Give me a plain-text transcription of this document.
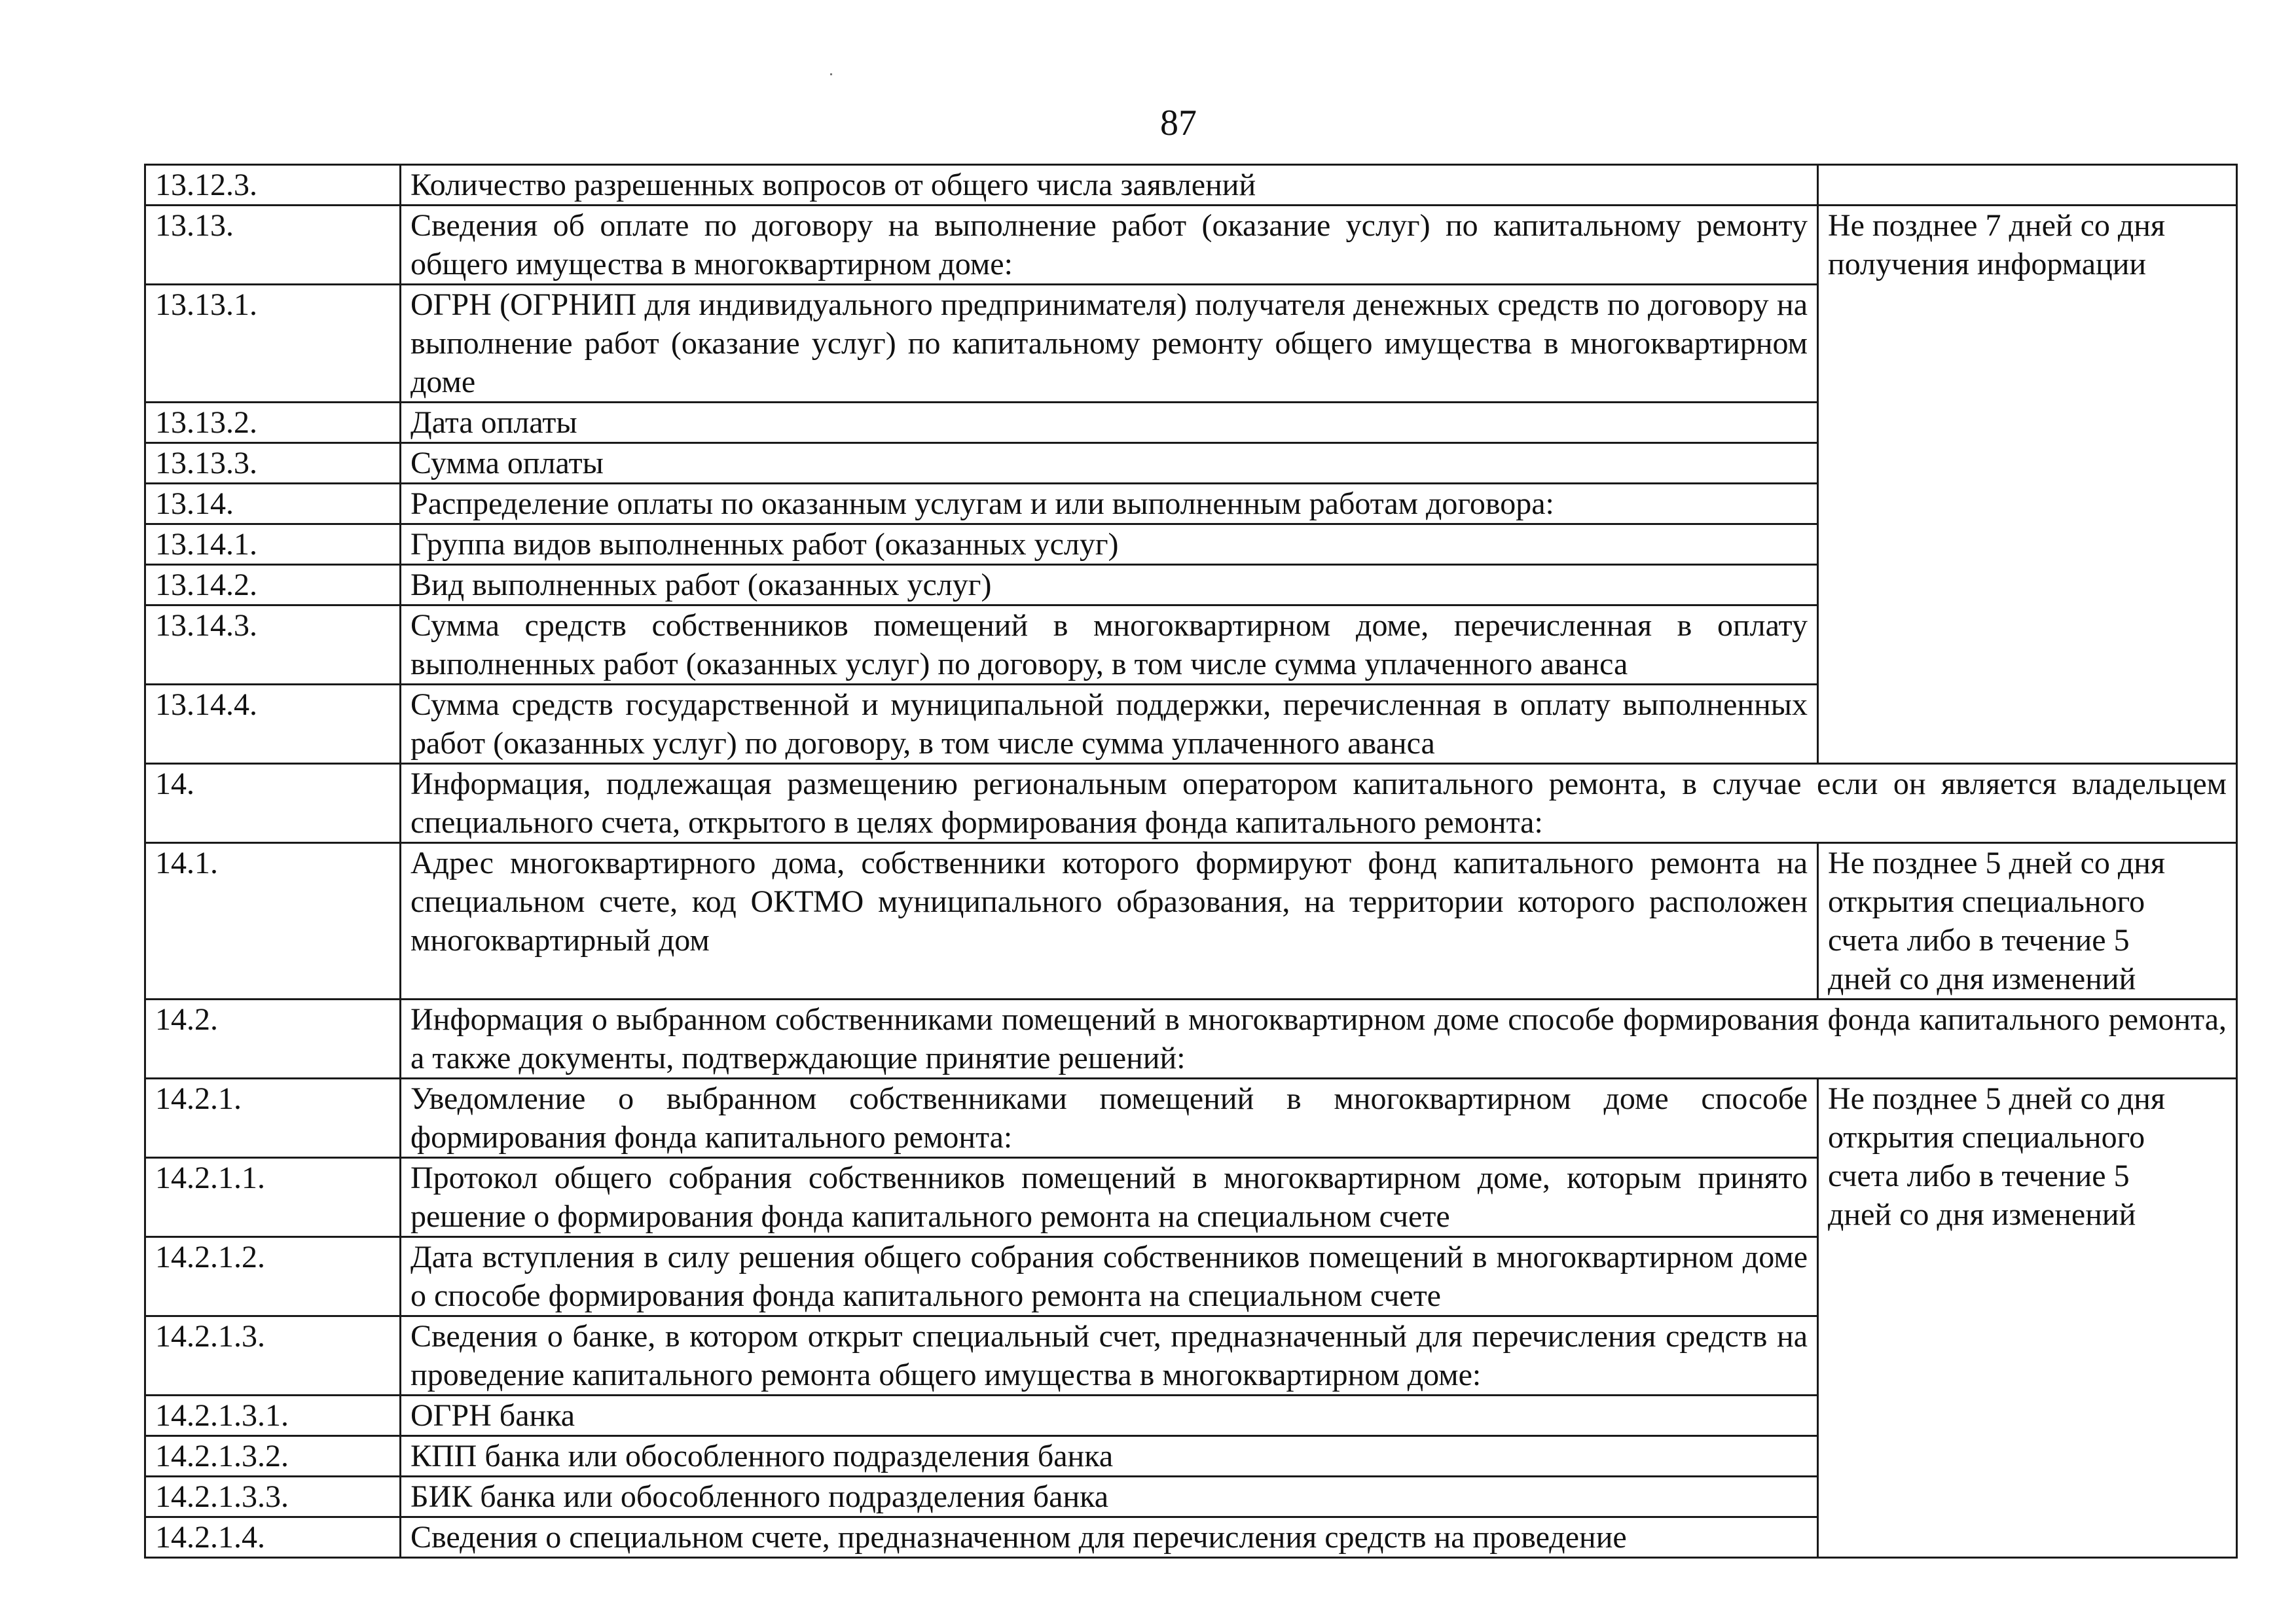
87
13.12.3.	Количество разрешенных вопросов от общего числа заявлений	
13.13.	Сведения об оплате по договору на выполнение работ (оказание услуг) по капитальному ремонту общего имущества в многоквартирном доме:	Не позднее 7 дней со дня
получения информации

13.13.1.	ОГРН (ОГРНИП для индивидуального предпринимателя) получателя денежных средств по договору на выполнение работ (оказание услуг) по капитальному ремонту общего имущества в многоквартирном доме	
13.13.2.	Дата оплаты	
13.13.3.	Сумма оплаты	
13.14.	Распределение оплаты по оказанным услугам и или выполненным работам договора:	
13.14.1.	Группа видов выполненных работ (оказанных услуг)	
13.14.2.	Вид выполненных работ (оказанных услуг)	
13.14.3.	Сумма средств собственников помещений в многоквартирном доме, перечисленная в оплату выполненных работ (оказанных услуг) по договору, в том числе сумма уплаченного аванса	
13.14.4.	Сумма средств государственной и муниципальной поддержки, перечисленная в оплату выполненных работ (оказанных услуг) по договору, в том числе сумма уплаченного аванса	
14.	Информация, подлежащая размещению региональным оператором капитального ремонта, в случае если он является владельцем специального счета, открытого в целях формирования фонда капитального ремонта:	
14.1.	Адрес многоквартирного дома, собственники которого формируют фонд капитального ремонта на специальном счете, код ОКТМО муниципального образования, на территории которого расположен многоквартирный дом	Не позднее 5 дней со дня
открытия специального
счета либо в течение 5
дней со дня изменений

14.2.	Информация о выбранном собственниками помещений в многоквартирном доме способе формирования фонда капитального ремонта, а также документы, подтверждающие принятие решений:	
14.2.1.	Уведомление о выбранном собственниками помещений в многоквартирном доме способе формирования фонда капитального ремонта:	Не позднее 5 дней со дня
открытия специального
счета либо в течение 5
дней со дня изменений

14.2.1.1.	Протокол общего собрания собственников помещений в многоквартирном доме, которым принято решение о формирования фонда капитального ремонта на специальном счете	
14.2.1.2.	Дата вступления в силу решения общего собрания собственников помещений в многоквартирном доме о способе формирования фонда капитального ремонта на специальном счете	
14.2.1.3.	Сведения о банке, в котором открыт специальный счет, предназначенный для перечисления средств на проведение капитального ремонта общего имущества в многоквартирном доме:	
14.2.1.3.1.	ОГРН банка	
14.2.1.3.2.	КПП банка или обособленного подразделения банка	
14.2.1.3.3.	БИК банка или обособленного подразделения банка	
14.2.1.4.	Сведения о специальном счете, предназначенном для перечисления средств на проведение	
